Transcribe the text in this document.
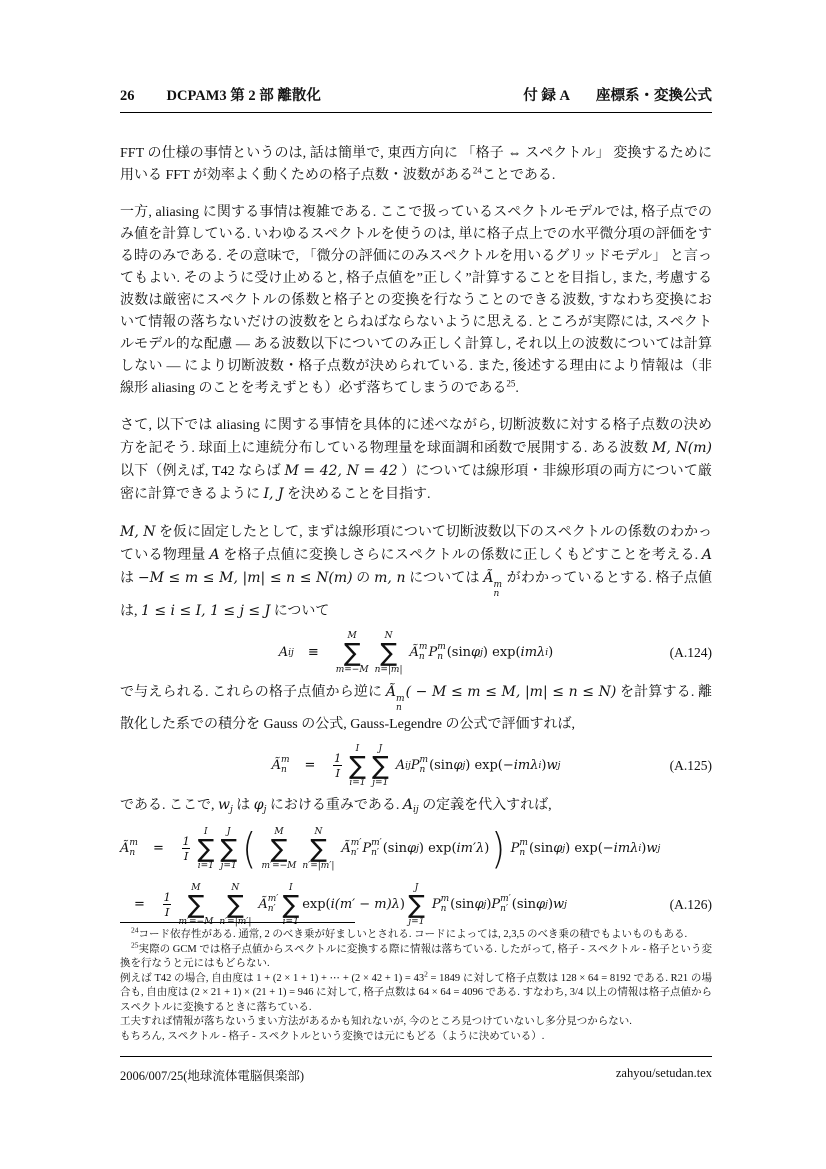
26 DCPAM3 第 2 部 離散化	付 録 A 座標系・変換公式

FFT の仕様の事情というのは, 話は簡単で, 東西方向に 「格子 ⇔ スペクトル」 変換するために用いる FFT が効率よく動くための格子点数・波数がある$^{24}$ことである.

一方, aliasing に関する事情は複雑である. ここで扱っているスペクトルモデルでは, 格子点でのみ値を計算している. いわゆるスペクトルを使うのは, 単に格子点上での水平微分項の評価をする時のみである. その意味で, 「微分の評価にのみスペクトルを用いるグリッドモデル」 と言ってもよい. そのように受け止めると, 格子点値を”正しく”計算することを目指し, また, 考慮する波数は厳密にスペクトルの係数と格子との変換を行なうことのできる波数, すなわち変換において情報の落ちないだけの波数をとらねばならないように思える. ところが実際には, スペクトルモデル的な配慮 — ある波数以下についてのみ正しく計算し, それ以上の波数については計算しない — により切断波数・格子点数が決められている. また, 後述する理由により情報は（非線形 aliasing のことを考えずとも）必ず落ちてしまうのである$^{25}$.

さて, 以下では aliasing に関する事情を具体的に述べながら, 切断波数に対する格子点数の決め方を記そう. 球面上に連続分布している物理量を球面調和函数で展開する. ある波数 M, N(m) 以下（例えば, T42 ならば M = 42, N = 42 ）については線形項・非線形項の両方について厳密に計算できるように I, J を決めることを目指す.

M, N を仮に固定したとして, まずは線形項について切断波数以下のスペクトルの係数のわかっている物理量 A を格子点値に変換しさらにスペクトルの係数に正しくもどすことを考える. A は −M ≤ m ≤ M, |m| ≤ n ≤ N(m) の m, n については Ã m
n
がわかっているとする. 格子点値は, 1 ≤ i ≤ I, 1 ≤ j ≤ J について

A ij ≡
M
∑
m=−M
N
∑
n=|m|
Ã m
n P m
n (sin φ j ) exp( imλ i )	(A.124)

で与えられる. これらの格子点値から逆に Ã m
n
( − M ≤ m ≤ M, |m| ≤ n ≤ N) を計算する. 離散化した系での積分を Gauss の公式, Gauss-Legendre の公式で評価すれば,

Ã m
$n = \frac{1}{I}$
I
∑
i=1
J
∑
j=1
A ij P m
n (sin φ j ) exp( −imλ i ) w j	(A.125)

である. ここで, $w_j$ は $\varphi_j$ における重みである. $A_{ij}$ の定義を代入すれば,

Ã m
$n = \frac{1}{I}$
I
∑
i=1
J
∑
j=1 ( M
∑
m′=−M
N
∑
n′=|m′|
Ã m′
n′ P m′
n′ (sin φ j ) exp( im′λ ) ) P m
n (sin φ j ) exp( −imλ i ) w j
= $\frac{1}{I}$
M
∑
m′=−M
N
∑
n′=|m′|
Ã m′
n′
I
∑
i=1
exp( i(m′ − m)λ )
J
∑
j=1
P m
n (sin φ j ) P m′
n′ (sin φ j ) w j	(A.126)
$^{24}$コード依存性がある. 通常, 2 のべき乗が好ましいとされる. コードによっては, 2,3,5 のべき乗の積でもよいものもある.
$^{25}$実際の GCM では格子点値からスペクトルに変換する際に情報は落ちている. したがって, 格子 - スペクトル - 格子という変換を行なうと元にはもどらない.
例えば T42 の場合, 自由度は 1 + (2 × 1 + 1) + ⋯ + $(2 \times 42 + 1) = 43^2 = 1849$ に対して格子点数は 128 × 64 = 8192 である. R21 の場合も, 自由度は (2 × 21 + 1) × (21 + 1) = 946 に対して, 格子点数は 64 × 64 = 4096 である. すなわち, 3/4 以上の情報は格子点値からスペクトルに変換するときに落ちている.
工夫すれば情報が落ちないうまい方法があるかも知れないが, 今のところ見つけていないし多分見つからない.
もちろん, スペクトル - 格子 - スペクトルという変換では元にもどる（ように決めている）.
2006/007/25(地球流体電脳倶楽部)	zahyou/setudan.tex
